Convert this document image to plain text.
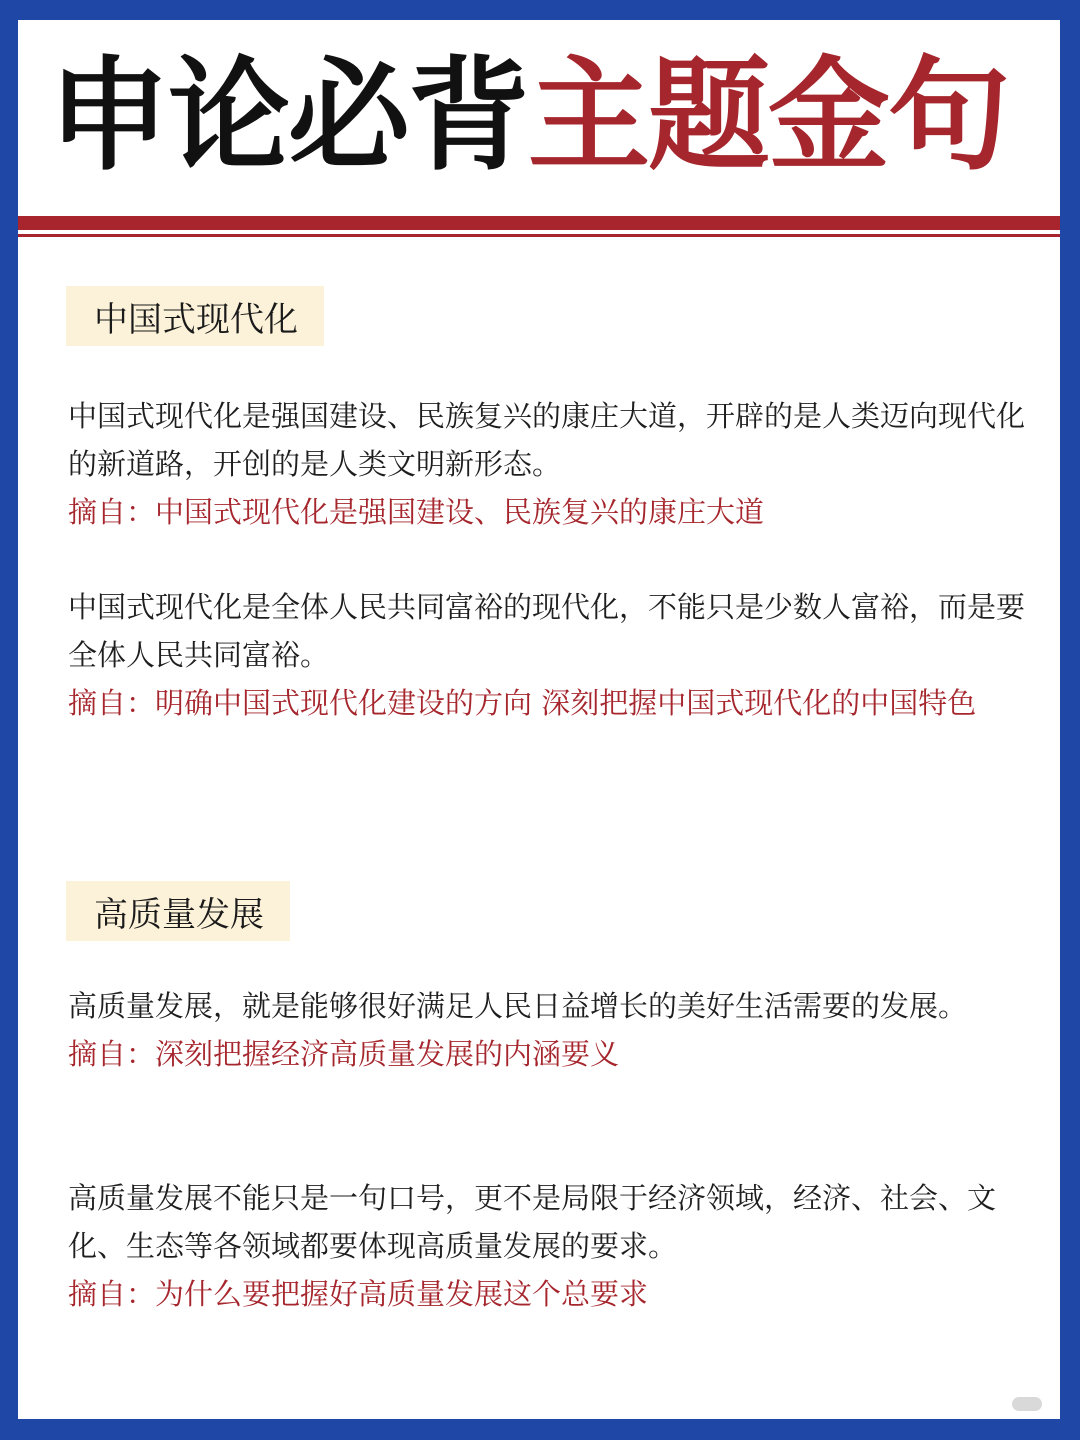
申论必背 主题金句
中国式现代化
中国式现代化是强国建设、民族复兴的康庄大道，开辟的是人类迈向现代化的新道路，开创的是人类文明新形态。
摘自：中国式现代化是强国建设、民族复兴的康庄大道
中国式现代化是全体人民共同富裕的现代化，不能只是少数人富裕，而是要全体人民共同富裕。
摘自：明确中国式现代化建设的方向 深刻把握中国式现代化的中国特色
高质量发展
高质量发展，就是能够很好满足人民日益增长的美好生活需要的发展。
摘自：深刻把握经济高质量发展的内涵要义
高质量发展不能只是一句口号，更不是局限于经济领域，经济、社会、文化、生态等各领域都要体现高质量发展的要求。
摘自：为什么要把握好高质量发展这个总要求
